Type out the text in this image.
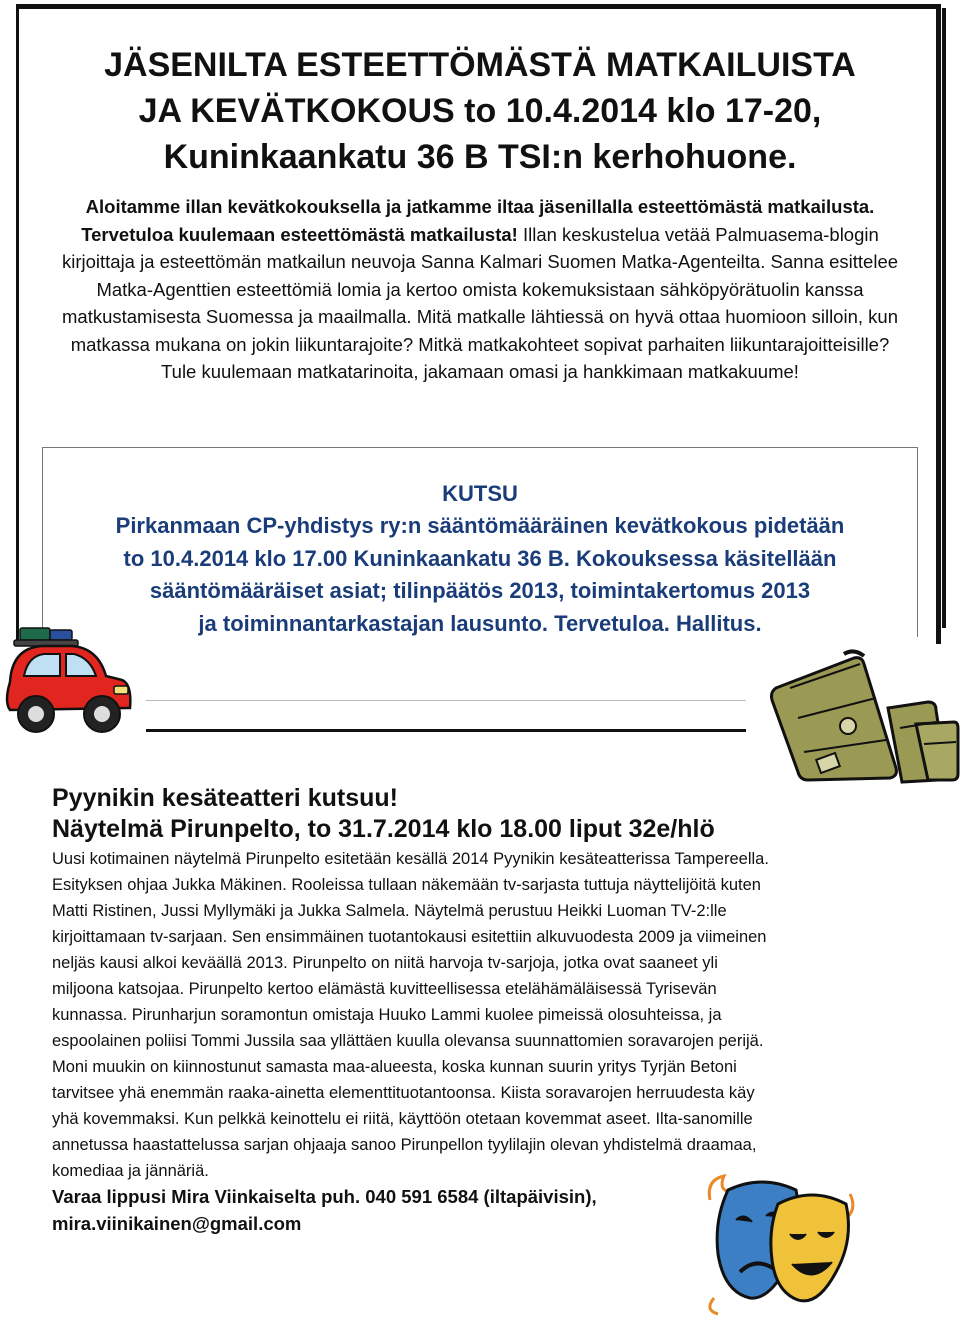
JÄSENILTA ESTEETTÖMÄSTÄ MATKAILUISTA
JA KEVÄTKOKOUS to 10.4.2014 klo 17-20,
Kuninkaankatu 36 B TSI:n kerhohuone.

Aloitamme illan kevätkokouksella ja jatkamme iltaa jäsenillalla esteettömästä matkailusta. Tervetuloa kuulemaan esteettömästä matkailusta! Illan keskustelua vetää Palmuasema-blogin kirjoittaja ja esteettömän matkailun neuvoja Sanna Kalmari Suomen Matka-Agenteilta. Sanna esittelee Matka-Agenttien esteettömiä lomia ja kertoo omista kokemuksistaan sähköpyörätuolin kanssa matkustamisesta Suomessa ja maailmalla. Mitä matkalle lähtiessä on hyvä ottaa huomioon silloin, kun matkassa mukana on jokin liikuntarajoite? Mitkä matkakohteet sopivat parhaiten liikuntarajoitteisille? Tule kuulemaan matkatarinoita, jakamaan omasi ja hankkimaan matkakuume!

KUTSU
Pirkanmaan CP-yhdistys ry:n sääntömääräinen kevätkokous pidetään
to 10.4.2014 klo 17.00 Kuninkaankatu 36 B. Kokouksessa käsitellään
sääntömääräiset asiat; tilinpäätös 2013, toimintakertomus 2013
ja toiminnantarkastajan lausunto. Tervetuloa. Hallitus.
Pyynikin kesäteatteri kutsuu!
Näytelmä Pirunpelto, to 31.7.2014 klo 18.00 liput 32e/hlö

Uusi kotimainen näytelmä Pirunpelto esitetään kesällä 2014 Pyynikin kesäteatterissa Tampereella.
Esityksen ohjaa Jukka Mäkinen. Rooleissa tullaan näkemään tv-sarjasta tuttuja näyttelijöitä kuten
Matti Ristinen, Jussi Myllymäki ja Jukka Salmela. Näytelmä perustuu Heikki Luoman TV-2:lle
kirjoittamaan tv-sarjaan. Sen ensimmäinen tuotantokausi esitettiin alkuvuodesta 2009 ja viimeinen
neljäs kausi alkoi keväällä 2013. Pirunpelto on niitä harvoja tv-sarjoja, jotka ovat saaneet yli
miljoona katsojaa. Pirunpelto kertoo elämästä kuvitteellisessa etelähämäläisessä Tyrisevän
kunnassa. Pirunharjun soramontun omistaja Huuko Lammi kuolee pimeissä olosuhteissa, ja
espoolainen poliisi Tommi Jussila saa yllättäen kuulla olevansa suunnattomien soravarojen perijä.
Moni muukin on kiinnostunut samasta maa-alueesta, koska kunnan suurin yritys Tyrjän Betoni
tarvitsee yhä enemmän raaka-ainetta elementtituotantoonsa. Kiista soravarojen herruudesta käy
yhä kovemmaksi. Kun pelkkä keinottelu ei riitä, käyttöön otetaan kovemmat aseet. Ilta-sanomille
annetussa haastattelussa sarjan ohjaaja sanoo Pirunpellon tyylilajin olevan yhdistelmä draamaa,
komediaa ja jännäriä.

Varaa lippusi Mira Viinkaiselta puh. 040 591 6584 (iltapäivisin),
mira.viinikainen@gmail.com
